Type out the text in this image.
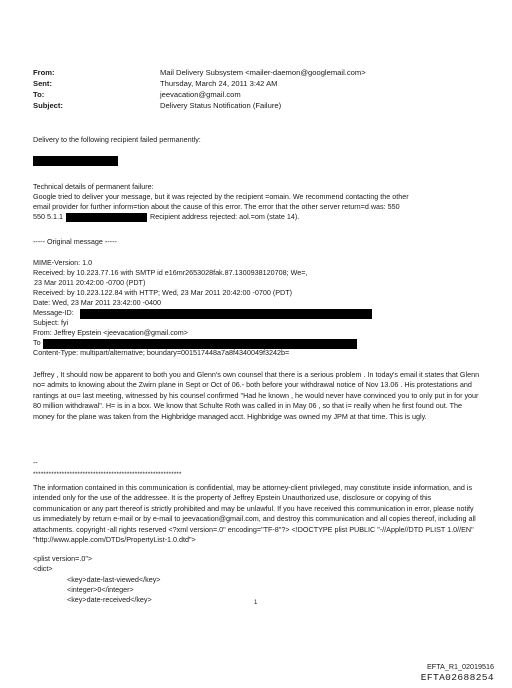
From:	Mail Delivery Subsystem <mailer-daemon@googlemail.com>
Sent:	Thursday, March 24, 2011 3:42 AM
To:	jeevacation@gmail.com
Subject:	Delivery Status Notification (Failure)
Delivery to the following recipient failed permanently:
Technical details of permanent failure:
Google tried to deliver your message, but it was rejected by the recipient =omain. We recommend contacting the other
email provider for further inform=tion about the cause of this error. The error that the other server return=d was: 550
550 5.1.1	Recipient address rejected: aol.=om (state 14).
----- Original message -----
MIME-Version: 1.0
Received: by 10.223.77.16 with SMTP id e16mr2653028fak.87.1300938120708; We=,
23 Mar 2011 20:42:00 -0700 (PDT)
Received: by 10.223.122.84 with HTTP; Wed, 23 Mar 2011 20:42:00 -0700 (PDT)
Date: Wed, 23 Mar 2011 23:42:00 -0400
Message-ID:
Subject: fyi
From: Jeffrey Epstein <jeevacation@gmail.com>
To
Content-Type: multipart/alternative; boundary=001517448a7a8f4340049f3242b=
Jeffrey , It should now be apparent to both you and Glenn's own counsel that there is a serious problem . In today's email it states that Glenn no= admits to knowing about the Zwirn plane in Sept or Oct of 06.- both before your withdrawal notice of Nov 13.06 . His protestations and rantings at ou= last meeting, witnessed by his counsel confirmed "Had he known , he would never have convinced you to only put in for your 80 million withdrawal". H= is in a box. We know that Schulte Roth was called in in May 06 , so that i= really when he first found out. The money for the plane was taken from the Highbridge managed acct. Highbridge was owned my JPM at that time. This is ugly.
--
*********************************************************
The information contained in this communication is confidential, may be attorney-client privileged, may constitute inside information, and is intended only for the use of the addressee. It is the property of Jeffrey Epstein Unauthorized use, disclosure or copying of this communication or any part thereof is strictly prohibited and may be unlawful. If you have received this communication in error, please notify us immediately by return e-mail or by e-mail to jeevacation@gmail.com, and destroy this communication and all copies thereof, including all attachments. copyright -all rights reserved <?xml version=.0" encoding="TF-8"?> <!DOCTYPE plist PUBLIC "-//Apple//DTD PLIST 1.0//EN" "http://www.apple.com/DTDs/PropertyList-1.0.dtd">
<plist version=.0">
<dict>
<key>date-last-viewed</key>
<integer>0</integer>
<key>date-received</key>	1
EFTA_R1_02019516
EFTA02688254
